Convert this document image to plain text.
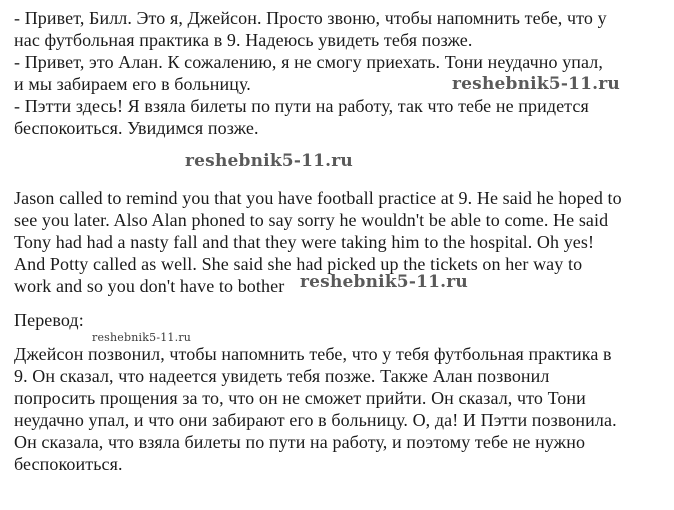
- Привет, Билл. Это я, Джейсон. Просто звоню, чтобы напомнить тебе, что у
нас футбольная практика в 9. Надеюсь увидеть тебя позже.
- Привет, это Алан. К сожалению, я не смогу приехать. Тони неудачно упал,
и мы забираем его в больницу.
- Пэтти здесь! Я взяла билеты по пути на работу, так что тебе не придется
беспокоиться. Увидимся позже.
Jason called to remind you that you have football practice at 9. He said he hoped to
see you later. Also Alan phoned to say sorry he wouldn't be able to come. He said
Tony had had a nasty fall and that they were taking him to the hospital. Oh yes!
And Potty called as well. She said she had picked up the tickets on her way to
work and so you don't have to bother
Перевод:
Джейсон позвонил, чтобы напомнить тебе, что у тебя футбольная практика в
9. Он сказал, что надеется увидеть тебя позже. Также Алан позвонил
попросить прощения за то, что он не сможет прийти. Он сказал, что Тони
неудачно упал, и что они забирают его в больницу. О, да! И Пэтти позвонила.
Он сказала, что взяла билеты по пути на работу, и поэтому тебе не нужно
беспокоиться.
reshebnik5-11.ru
reshebnik5-11.ru
reshebnik5-11.ru
reshebnik5-11.ru
